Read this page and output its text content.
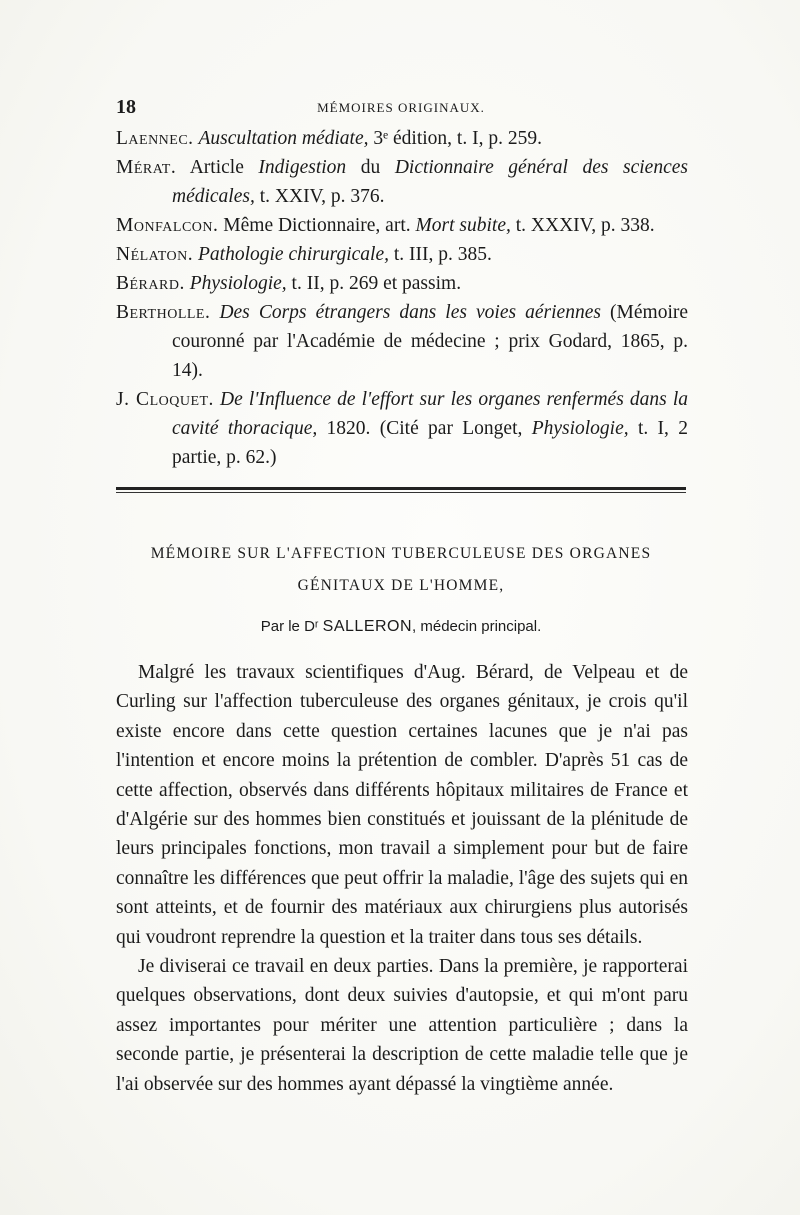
18	MÉMOIRES ORIGINAUX.

Laennec. Auscultation médiate, 3ᵉ édition, t. I, p. 259.

Mérat. Article Indigestion du Dictionnaire général des sciences médicales, t. XXIV, p. 376.

Monfalcon. Même Dictionnaire, art. Mort subite, t. XXXIV, p. 338.

Nélaton. Pathologie chirurgicale, t. III, p. 385.

Bérard. Physiologie, t. II, p. 269 et passim.

Bertholle. Des Corps étrangers dans les voies aériennes (Mémoire couronné par l'Académie de médecine ; prix Godard, 1865, p. 14).

J. Cloquet. De l'Influence de l'effort sur les organes renfermés dans la cavité thoracique, 1820. (Cité par Longet, Physiologie, t. I, 2 partie, p. 62.)

MÉMOIRE SUR L'AFFECTION TUBERCULEUSE DES ORGANES
GÉNITAUX DE L'HOMME,
Par le Dʳ SALLERON, médecin principal.

Malgré les travaux scientifiques d'Aug. Bérard, de Velpeau et de Curling sur l'affection tuberculeuse des organes génitaux, je crois qu'il existe encore dans cette question certaines lacunes que je n'ai pas l'intention et encore moins la prétention de combler. D'après 51 cas de cette affection, observés dans différents hôpitaux militaires de France et d'Algérie sur des hommes bien constitués et jouissant de la plénitude de leurs principales fonctions, mon travail a simplement pour but de faire connaître les différences que peut offrir la maladie, l'âge des sujets qui en sont atteints, et de fournir des matériaux aux chirurgiens plus autorisés qui voudront reprendre la question et la traiter dans tous ses détails.

Je diviserai ce travail en deux parties. Dans la première, je rapporterai quelques observations, dont deux suivies d'autopsie, et qui m'ont paru assez importantes pour mériter une attention particulière ; dans la seconde partie, je présenterai la description de cette maladie telle que je l'ai observée sur des hommes ayant dépassé la vingtième année.
